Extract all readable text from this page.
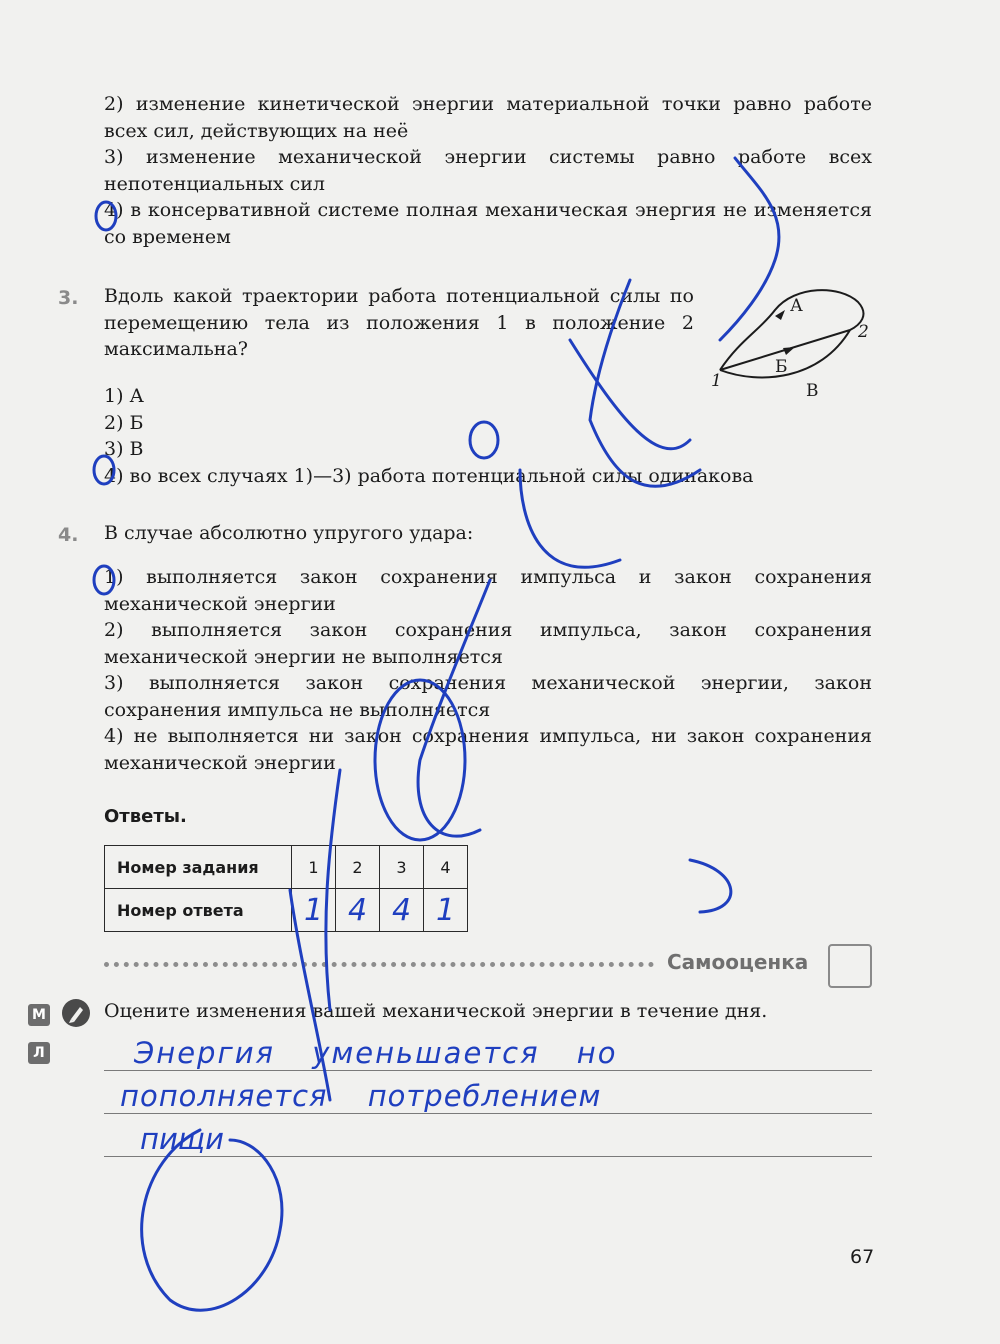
2) изменение кинетической энергии материальной точки равно работе всех сил, действующих на неё
3) изменение механической энергии системы равно работе всех непотенциальных сил
4) в консервативной системе полная механическая энергия не изменяется со временем
3. Вдоль какой траектории работа потенциальной силы по перемещению тела из положения 1 в положение 2 максимальна?
1) А
2) Б
3) В
4) во всех случаях 1)—3) работа потенциальной силы одинакова
А
Б
В
1
2
4. В случае абсолютно упругого удара:
1) выполняется закон сохранения импульса и закон сохранения механической энергии
2) выполняется закон сохранения импульса, закон сохранения механической энергии не выполняется
3) выполняется закон сохранения механической энергии, закон сохранения импульса не выполняется
4) не выполняется ни закон сохранения импульса, ни закон сохранения механической энергии
Ответы.
Номер задания	1	2	3	4
Номер ответа	1	4	4	1
Самооценка
М
Л
Оцените изменения вашей механической энергии в течение дня.
Энергия уменьшается но
пополняется потреблением
пищи
67
